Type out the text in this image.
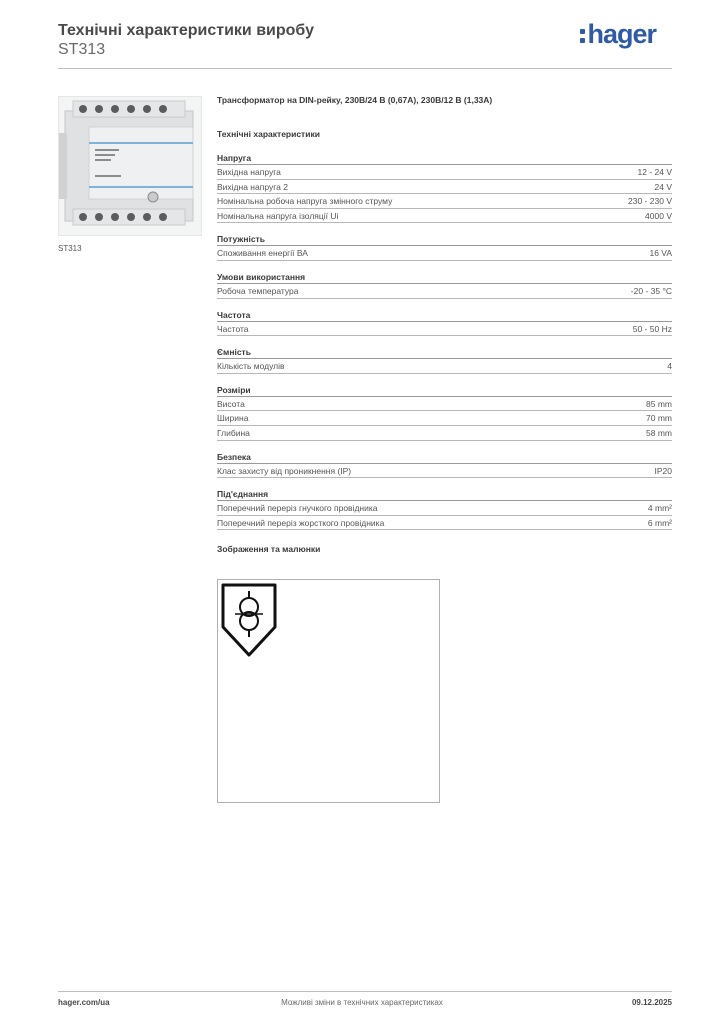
Технічні характеристики виробу
ST313
hager
ST313
Трансформатор на DIN-рейку, 230В/24 В (0,67А), 230В/12 В (1,33А)
Технічні характеристики
Напруга
Вихідна напруга	12 - 24 V
Вихідна напруга 2	24 V
Номінальна робоча напруга змінного струму	230 - 230 V
Номінальна напруга ізоляції Ui	4000 V
Потужність
Споживання енергії ВА	16 VA
Умови використання
Робоча температура	-20 - 35 °C
Частота
Частота	50 - 50 Hz
Ємність
Кількість модулів	4
Розміри
Висота	85 mm
Ширина	70 mm
Глибина	58 mm
Безпека
Клас захисту від проникнення (IP)	IP20
Під'єднання
Поперечний переріз гнучкого провідника	4 mm²
Поперечний переріз жорсткого провідника	6 mm²
Зображення та малюнки
hager.com/ua	Можливі зміни в технічних характеристиках	09.12.2025
